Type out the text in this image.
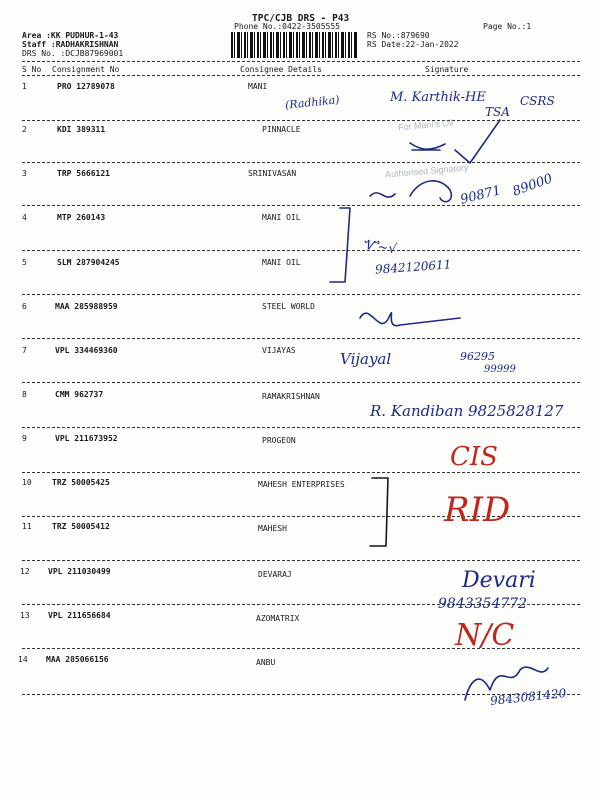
TPC/CJB DRS - P43
Phone No.:0422-3505555	Page No.:1
Area :KK PUDHUR-1-43
Staff :RADHAKRISHNAN
DRS No. :DCJB87969001
RS No.:879690
RS Date:22-Jan-2022
S No Consignment No	Consignee Details	Signature
1	PRO 12789078	MANI
2	KDI 389311	PINNACLE
3	TRP 5666121	SRINIVASAN
4	MTP 260143	MANI OIL
5	SLM 287904245	MANI OIL
6	MAA 285988959	STEEL WORLD
7	VPL 334469360	VIJAYAS
8	CMM 962737	RAMAKRISHNAN
9	VPL 211673952	PROGEON
10	TRZ 50005425	MAHESH ENTERPRISES
11	TRZ 50005412	MAHESH
12 VPL 211030499	DEVARAJ
13 VPL 211656684	AZOMATRIX
14 MAA 285066156	ANBU
For Mani's Oil
Authorised Signatory
(Radhika)	M. Karthik-HE	CSRS
TSA
90871 89000
Ꮙ~√
9842120611
Vijayal	96295
99999
R. Kandiban 9825828127
CIS
RID
Devari
9843354772
N/C
9843081420
